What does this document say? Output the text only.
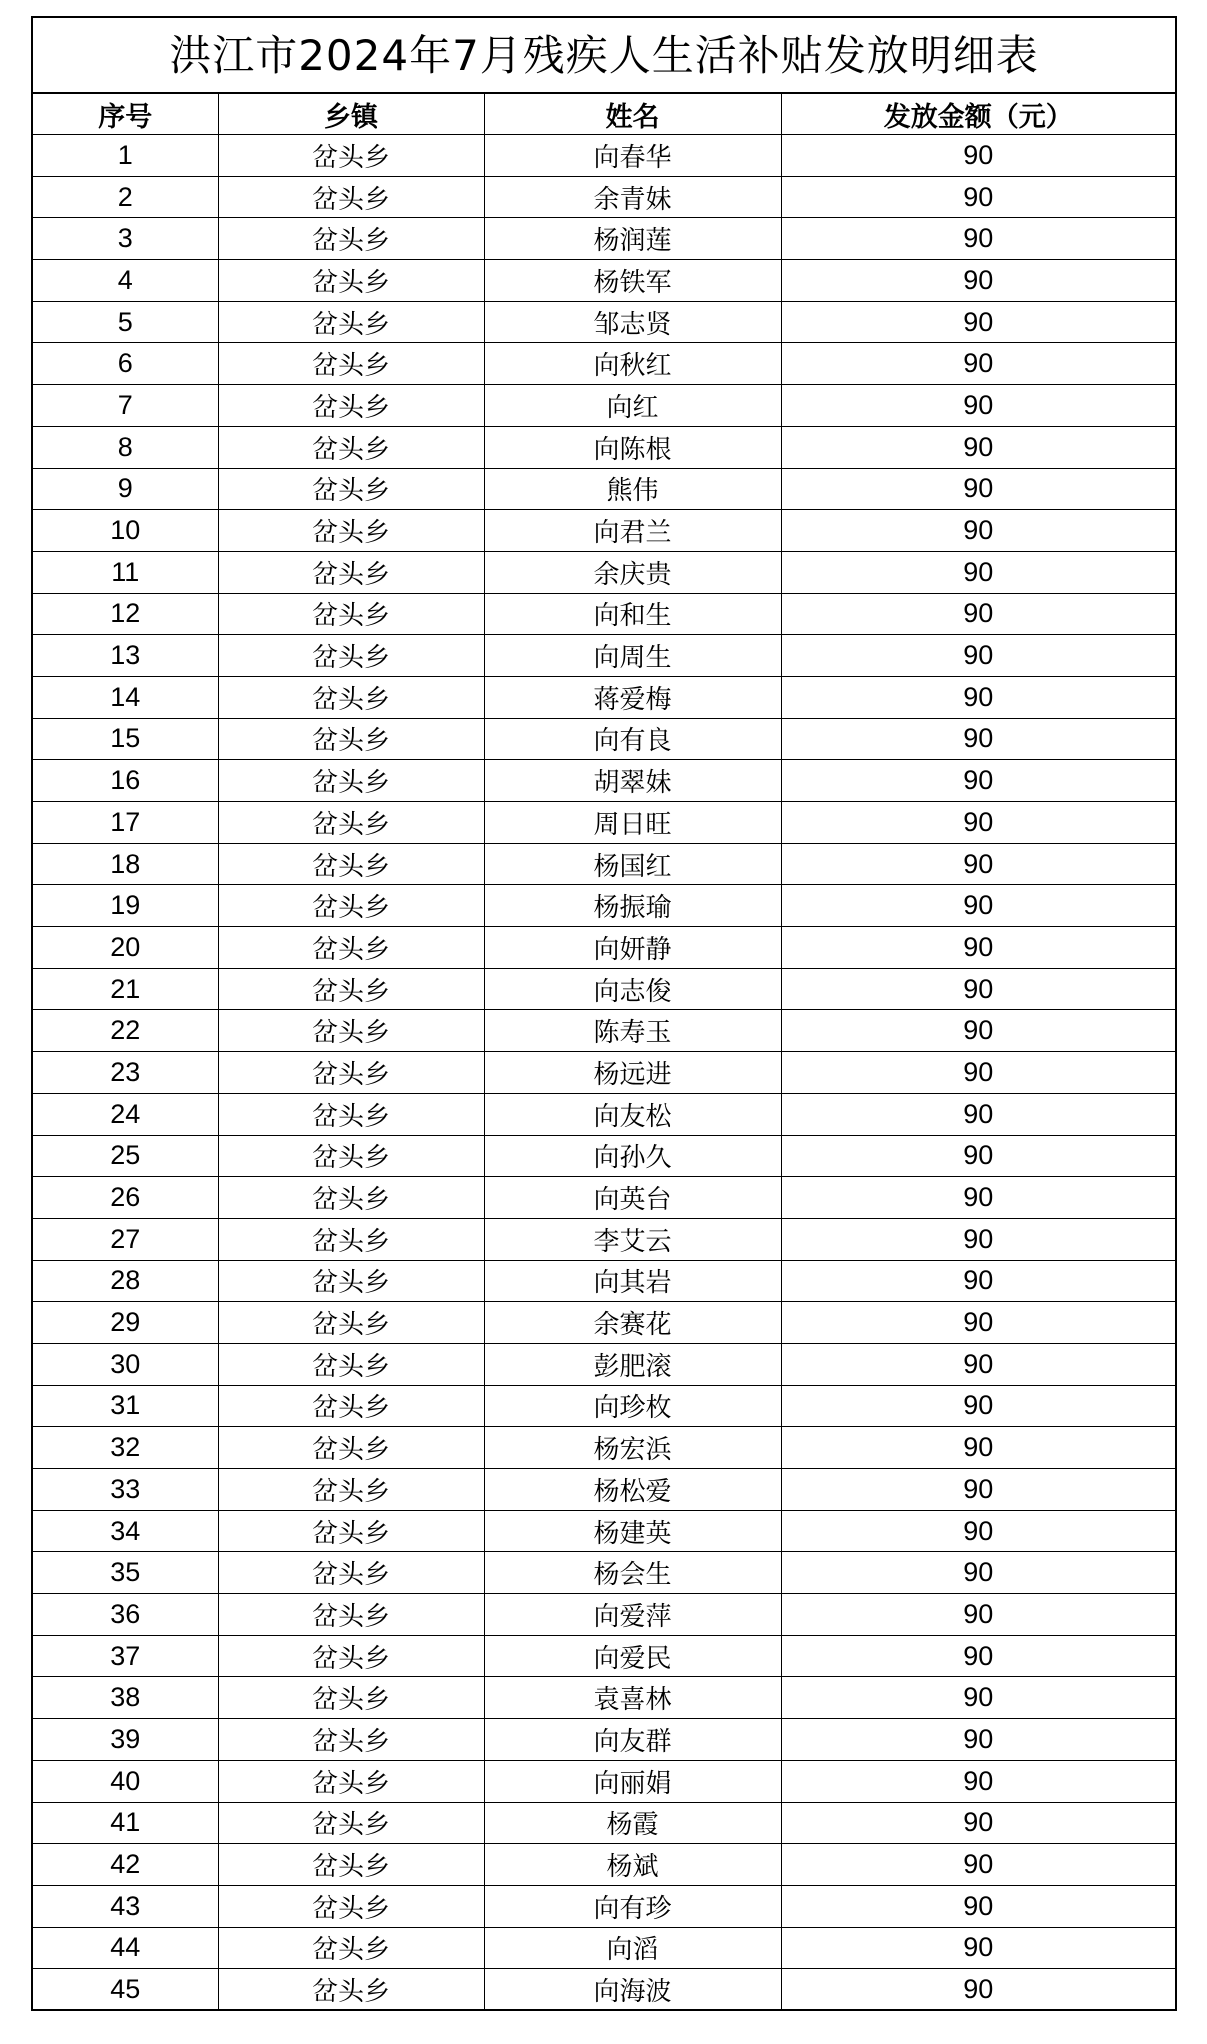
洪江市2024年7月残疾人生活补贴发放明细表
序号	乡镇	姓名	发放金额（元）
1	岔头乡	向春华	90
2	岔头乡	余青妹	90
3	岔头乡	杨润莲	90
4	岔头乡	杨铁军	90
5	岔头乡	邹志贤	90
6	岔头乡	向秋红	90
7	岔头乡	向红	90
8	岔头乡	向陈根	90
9	岔头乡	熊伟	90
10	岔头乡	向君兰	90
11	岔头乡	余庆贵	90
12	岔头乡	向和生	90
13	岔头乡	向周生	90
14	岔头乡	蒋爱梅	90
15	岔头乡	向有良	90
16	岔头乡	胡翠妹	90
17	岔头乡	周日旺	90
18	岔头乡	杨国红	90
19	岔头乡	杨振瑜	90
20	岔头乡	向妍静	90
21	岔头乡	向志俊	90
22	岔头乡	陈寿玉	90
23	岔头乡	杨远进	90
24	岔头乡	向友松	90
25	岔头乡	向孙久	90
26	岔头乡	向英台	90
27	岔头乡	李艾云	90
28	岔头乡	向其岩	90
29	岔头乡	余赛花	90
30	岔头乡	彭肥滚	90
31	岔头乡	向珍枚	90
32	岔头乡	杨宏浜	90
33	岔头乡	杨松爱	90
34	岔头乡	杨建英	90
35	岔头乡	杨会生	90
36	岔头乡	向爱萍	90
37	岔头乡	向爱民	90
38	岔头乡	袁喜林	90
39	岔头乡	向友群	90
40	岔头乡	向丽娟	90
41	岔头乡	杨霞	90
42	岔头乡	杨斌	90
43	岔头乡	向有珍	90
44	岔头乡	向滔	90
45	岔头乡	向海波	90
